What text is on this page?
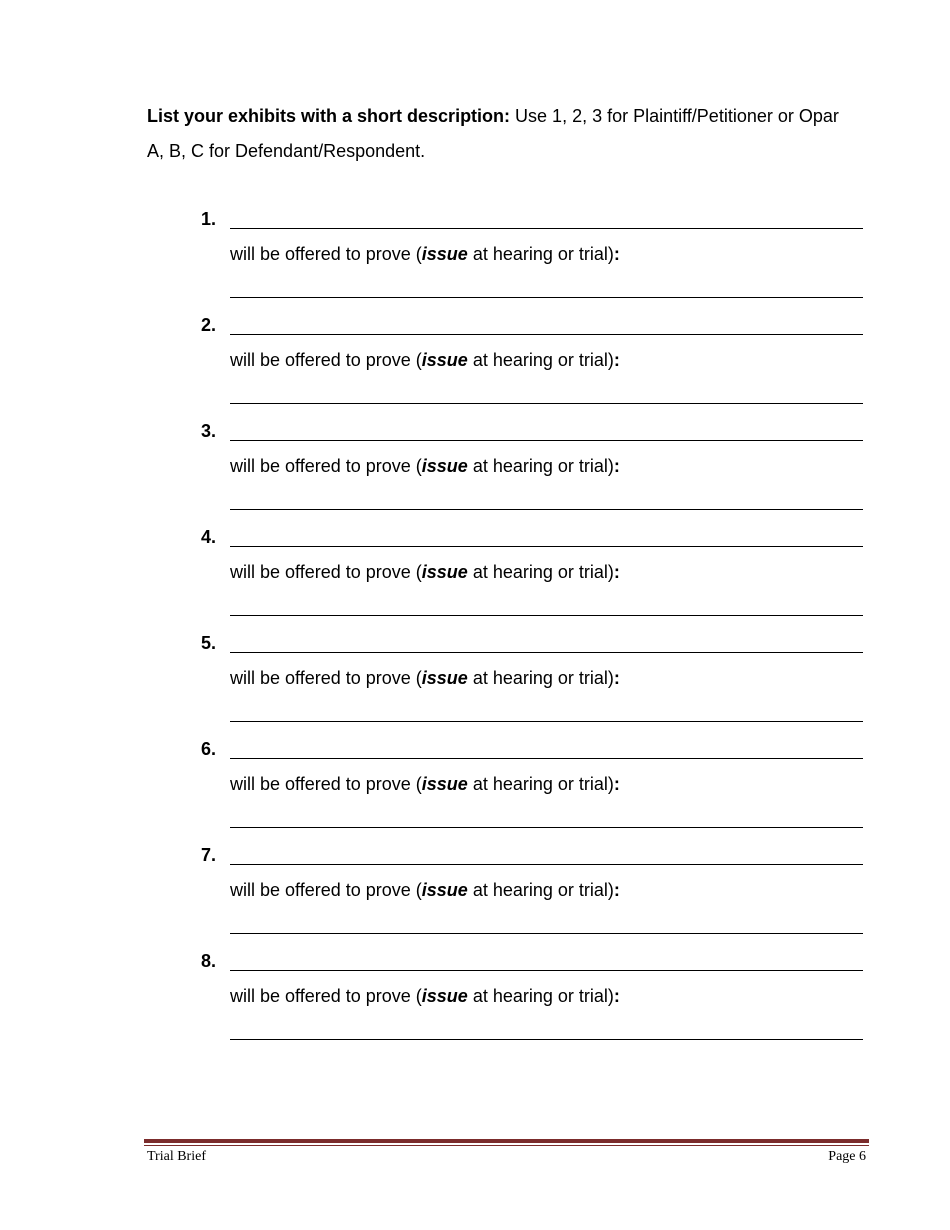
List your exhibits with a short description: Use 1, 2, 3 for Plaintiff/Petitioner or Opar
A, B, C for Defendant/Respondent.
1.
will be offered to prove (issue at hearing or trial):
2.
will be offered to prove (issue at hearing or trial):
3.
will be offered to prove (issue at hearing or trial):
4.
will be offered to prove (issue at hearing or trial):
5.
will be offered to prove (issue at hearing or trial):
6.
will be offered to prove (issue at hearing or trial):
7.
will be offered to prove (issue at hearing or trial):
8.
will be offered to prove (issue at hearing or trial):
Trial Brief	Page 6
